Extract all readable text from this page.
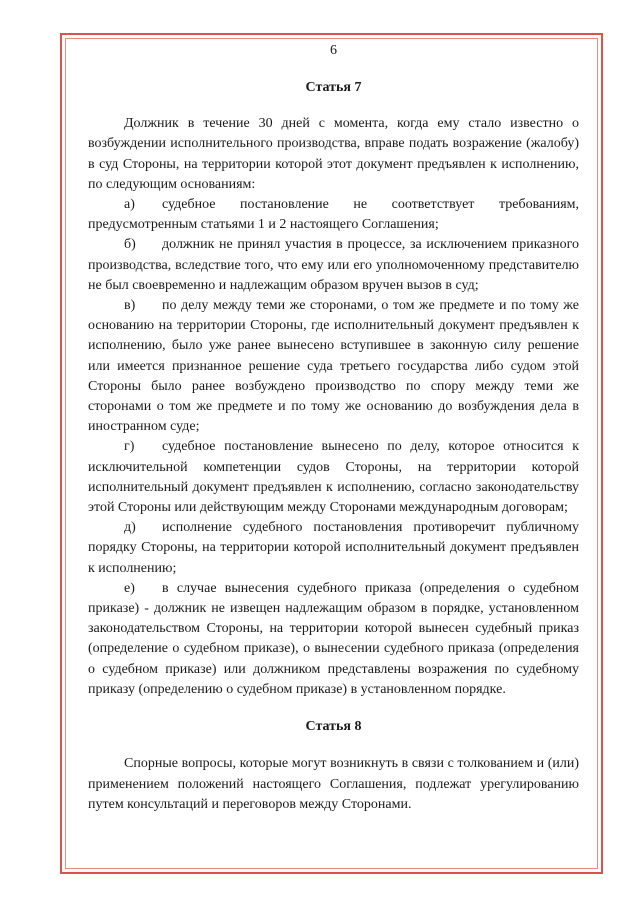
6

Статья 7

Должник в течение 30 дней с момента, когда ему стало известно о возбуждении исполнительного производства, вправе подать возражение (жалобу) в суд Стороны, на территории которой этот документ предъявлен к исполнению, по следующим основаниям:

а) судебное постановление не соответствует требованиям, предусмотренным статьями 1 и 2 настоящего Соглашения;

б) должник не принял участия в процессе, за исключением приказного производства, вследствие того, что ему или его уполномоченному представителю не был своевременно и надлежащим образом вручен вызов в суд;

в) по делу между теми же сторонами, о том же предмете и по тому же основанию на территории Стороны, где исполнительный документ предъявлен к исполнению, было уже ранее вынесено вступившее в законную силу решение или имеется признанное решение суда третьего государства либо судом этой Стороны было ранее возбуждено производство по спору между теми же сторонами о том же предмете и по тому же основанию до возбуждения дела в иностранном суде;

г) судебное постановление вынесено по делу, которое относится к исключительной компетенции судов Стороны, на территории которой исполнительный документ предъявлен к исполнению, согласно законодательству этой Стороны или действующим между Сторонами международным договорам;

д) исполнение судебного постановления противоречит публичному порядку Стороны, на территории которой исполнительный документ предъявлен к исполнению;

е) в случае вынесения судебного приказа (определения о судебном приказе) - должник не извещен надлежащим образом в порядке, установленном законодательством Стороны, на территории которой вынесен судебный приказ (определение о судебном приказе), о вынесении судебного приказа (определения о судебном приказе) или должником представлены возражения по судебному приказу (определению о судебном приказе) в установленном порядке.

Статья 8

Спорные вопросы, которые могут возникнуть в связи с толкованием и (или) применением положений настоящего Соглашения, подлежат урегулированию путем консультаций и переговоров между Сторонами.
